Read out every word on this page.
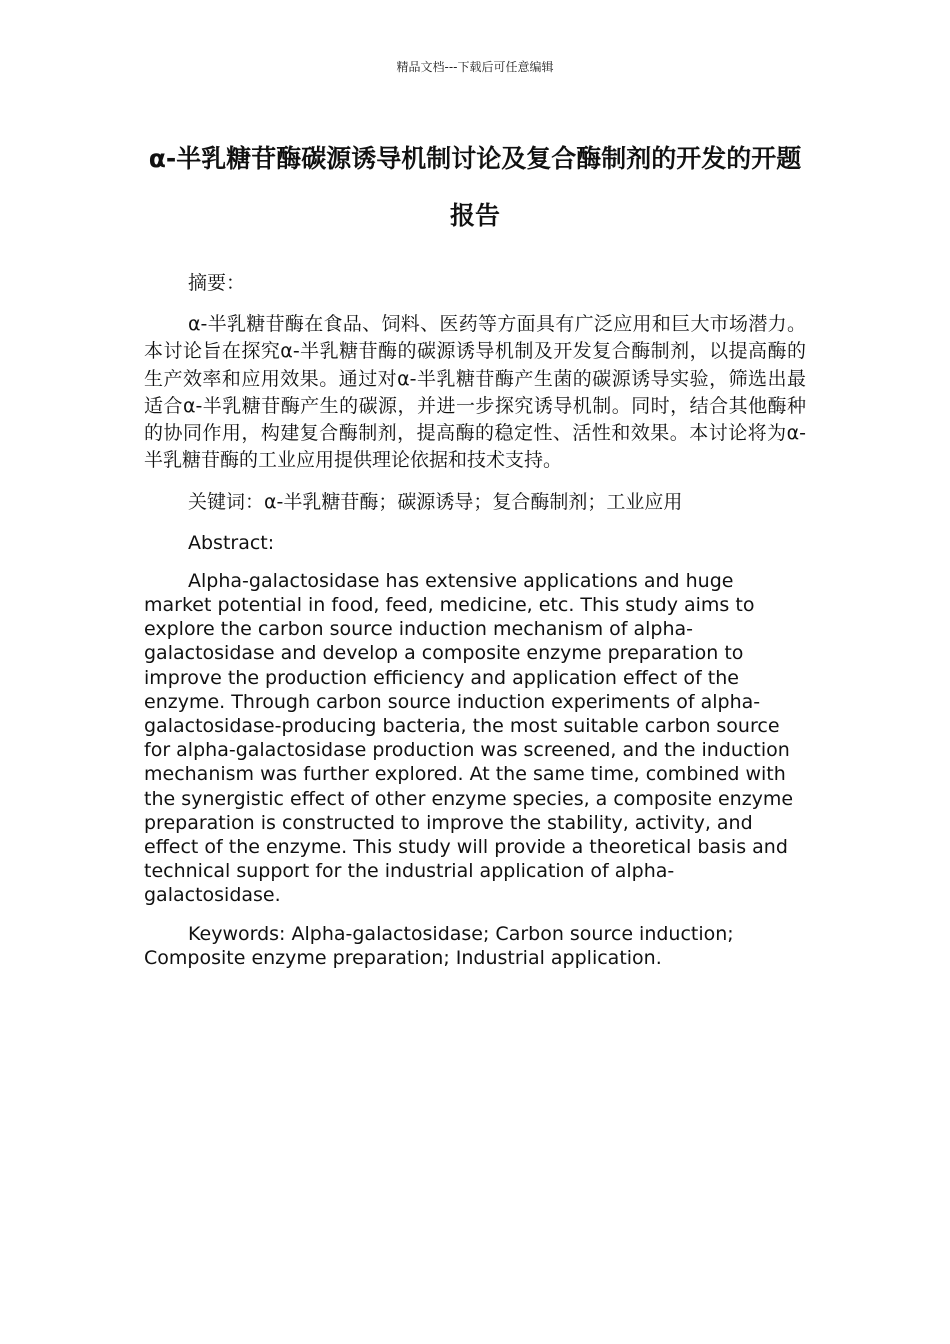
精品文档---下载后可任意编辑
α-半乳糖苷酶碳源诱导机制讨论及复合酶制剂的开发的开题报告

摘要：

α-半乳糖苷酶在食品、饲料、医药等方面具有广泛应用和巨大市场潜力。本讨论旨在探究α-半乳糖苷酶的碳源诱导机制及开发复合酶制剂，以提高酶的生产效率和应用效果。通过对α-半乳糖苷酶产生菌的碳源诱导实验，筛选出最适合α-半乳糖苷酶产生的碳源，并进一步探究诱导机制。同时，结合其他酶种的协同作用，构建复合酶制剂，提高酶的稳定性、活性和效果。本讨论将为α-半乳糖苷酶的工业应用提供理论依据和技术支持。

关键词：α-半乳糖苷酶；碳源诱导；复合酶制剂；工业应用

Abstract:

Alpha-galactosidase has extensive applications and huge market potential in food, feed, medicine, etc. This study aims to explore the carbon source induction mechanism of alpha-galactosidase and develop a composite enzyme preparation to improve the production efficiency and application effect of the enzyme. Through carbon source induction experiments of alpha-galactosidase-producing bacteria, the most suitable carbon source for alpha-galactosidase production was screened, and the induction mechanism was further explored. At the same time, combined with the synergistic effect of other enzyme species, a composite enzyme preparation is constructed to improve the stability, activity, and effect of the enzyme. This study will provide a theoretical basis and technical support for the industrial application of alpha-galactosidase.

Keywords: Alpha-galactosidase; Carbon source induction; Composite enzyme preparation; Industrial application.
